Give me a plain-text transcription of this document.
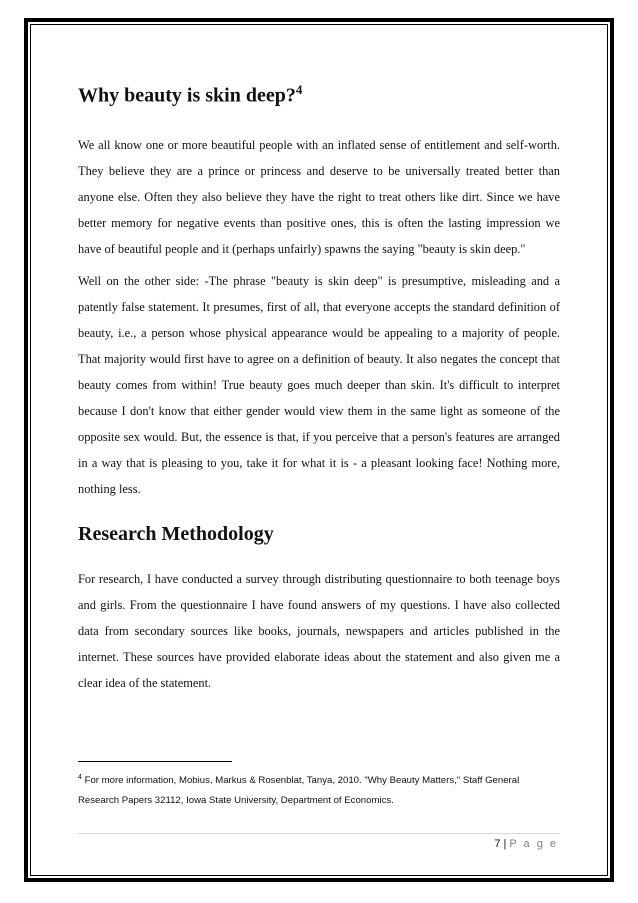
Why beauty is skin deep?$^4$

We all know one or more beautiful people with an inflated sense of entitlement and self-worth. They believe they are a prince or princess and deserve to be universally treated better than anyone else. Often they also believe they have the right to treat others like dirt. Since we have better memory for negative events than positive ones, this is often the lasting impression we have of beautiful people and it (perhaps unfairly) spawns the saying "beauty is skin deep."

Well on the other side: -The phrase "beauty is skin deep" is presumptive, misleading and a patently false statement. It presumes, first of all, that everyone accepts the standard definition of beauty, i.e., a person whose physical appearance would be appealing to a majority of people. That majority would first have to agree on a definition of beauty. It also negates the concept that beauty comes from within! True beauty goes much deeper than skin. It's difficult to interpret because I don't know that either gender would view them in the same light as someone of the opposite sex would. But, the essence is that, if you perceive that a person's features are arranged in a way that is pleasing to you, take it for what it is - a pleasant looking face! Nothing more, nothing less.

Research Methodology

For research, I have conducted a survey through distributing questionnaire to both teenage boys and girls. From the questionnaire I have found answers of my questions. I have also collected data from secondary sources like books, journals, newspapers and articles published in the internet. These sources have provided elaborate ideas about the statement and also given me a clear idea of the statement.

$^4$ For more information, Mobius, Markus & Rosenblat, Tanya, 2010. "Why Beauty Matters," Staff General Research Papers 32112, Iowa State University, Department of Economics.
7 | P a g e
